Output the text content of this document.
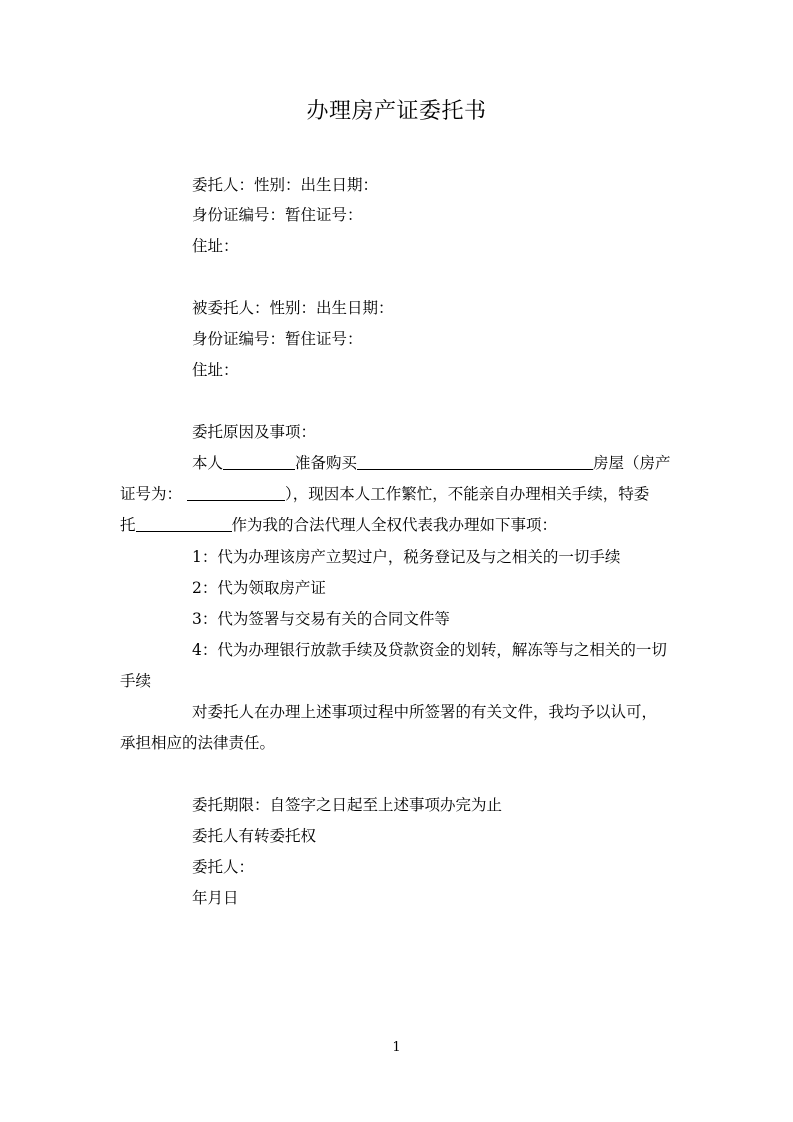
办理房产证委托书
委托人：性别：出生日期：
身份证编号：暂住证号：
住址：
被委托人：性别：出生日期：
身份证编号：暂住证号：
住址：
委托原因及事项：
本人	准备购买	房屋（房产
证号为：	），现因本人工作繁忙，不能亲自办理相关手续，特委
托	作为我的合法代理人全权代表我办理如下事项：
1：代为办理该房产立契过户，税务登记及与之相关的一切手续
2：代为领取房产证
3：代为签署与交易有关的合同文件等
4：代为办理银行放款手续及贷款资金的划转，解冻等与之相关的一切
手续
对委托人在办理上述事项过程中所签署的有关文件，我均予以认可，
承担相应的法律责任。
委托期限：自签字之日起至上述事项办完为止
委托人有转委托权
委托人：
年月日
1
